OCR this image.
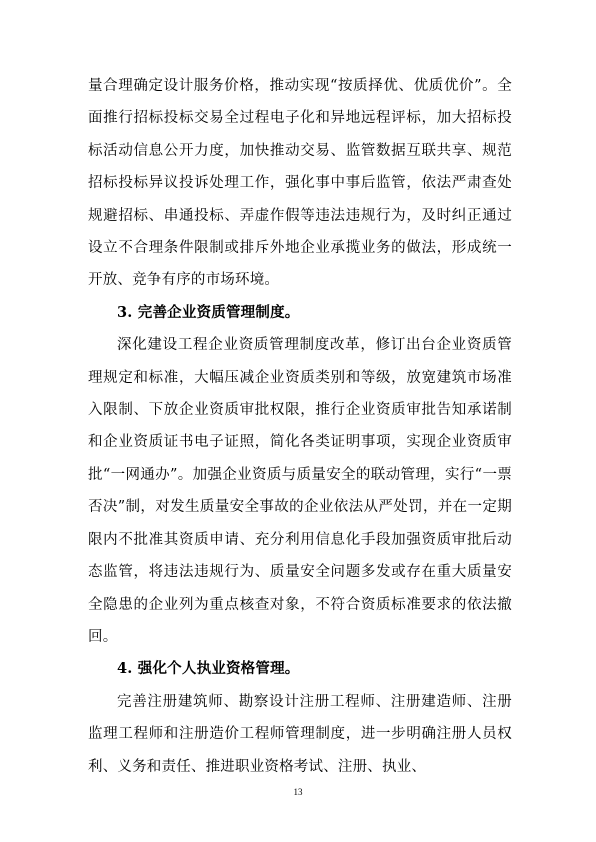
量合理确定设计服务价格，推动实现“按质择优、优质优价”。全面推行招标投标交易全过程电子化和异地远程评标，加大招标投标活动信息公开力度，加快推动交易、监管数据互联共享、规范招标投标异议投诉处理工作，强化事中事后监管，依法严肃查处规避招标、串通投标、弄虚作假等违法违规行为，及时纠正通过设立不合理条件限制或排斥外地企业承揽业务的做法，形成统一开放、竞争有序的市场环境。

3. 完善企业资质管理制度。

深化建设工程企业资质管理制度改革，修订出台企业资质管理规定和标准，大幅压减企业资质类别和等级，放宽建筑市场准入限制、下放企业资质审批权限，推行企业资质审批告知承诺制和企业资质证书电子证照，简化各类证明事项，实现企业资质审批“一网通办”。加强企业资质与质量安全的联动管理，实行“一票否决”制，对发生质量安全事故的企业依法从严处罚，并在一定期限内不批准其资质申请、充分利用信息化手段加强资质审批后动态监管，将违法违规行为、质量安全问题多发或存在重大质量安全隐患的企业列为重点核查对象，不符合资质标准要求的依法撤回。

4. 强化个人执业资格管理。

完善注册建筑师、勘察设计注册工程师、注册建造师、注册监理工程师和注册造价工程师管理制度，进一步明确注册人员权利、义务和责任、推进职业资格考试、注册、执业、

13
